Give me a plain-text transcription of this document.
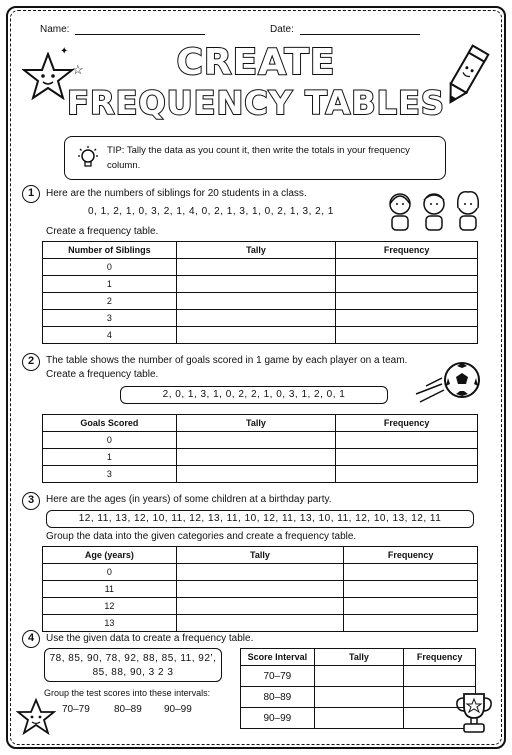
Name:	Date:
☆
✦	CREATE
FREQUENCY TABLES
TIP: Tally the data as you count it, then write the totals in your frequency column.
1	Here are the numbers of siblings for 20 students in a class.
0, 1, 2, 1, 0, 3, 2, 1, 4, 0, 2, 1, 3, 1, 0, 2, 1, 3, 2, 1
Create a frequency table.
Number of Siblings	Tally	Frequency
0		
1		
2		
3		
4		
2	The table shows the number of goals scored in 1 game by each player on a team.
Create a frequency table.
2, 0, 1, 3, 1, 0, 2, 2, 1, 0, 3, 1, 2, 0, 1
Goals Scored	Tally	Frequency
0		
1		
3		
3	Here are the ages (in years) of some children at a birthday party.
12, 11, 13, 12, 10, 11, 12, 13, 11, 10, 12, 11, 13, 10, 11, 12, 10, 13, 12, 11
Group the data into the given categories and create a frequency table.
Age (years)	Tally	Frequency
0		
11		
12		
13		
4	Use the given data to create a frequency table.
78, 85, 90, 78, 92, 88, 85, 11, 92’,
85, 88, 90, 3 2 3
Group the test scores into these intervals:
70–79 80–89 90–99
Score Interval	Tally	Frequency
70–79		
80–89		
90–99		
